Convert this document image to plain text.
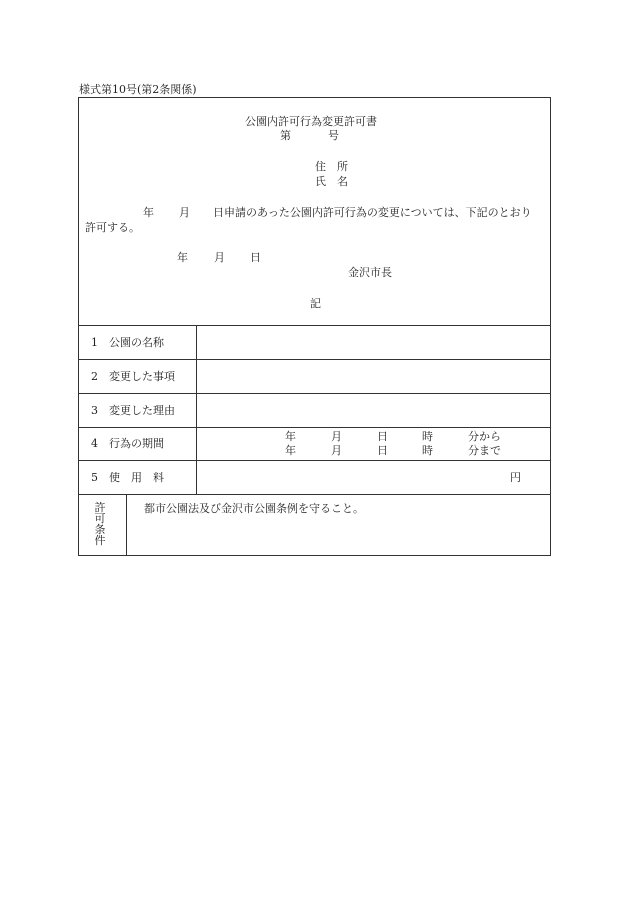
様式第10号(第2条関係)
公園内許可行為変更許可書
第	号
住　所
氏　名
年 月 日申請のあった公園内許可行為の変更については、下記のとおり
許可する。
年 月 日
金沢市長
記
1　公園の名称
2　変更した事項
3　変更した理由
4　行為の期間
年	月	日	時	分から
年	月	日	時	分まで
5　使　用　料	円
許可条件
都市公園法及び金沢市公園条例を守ること。
